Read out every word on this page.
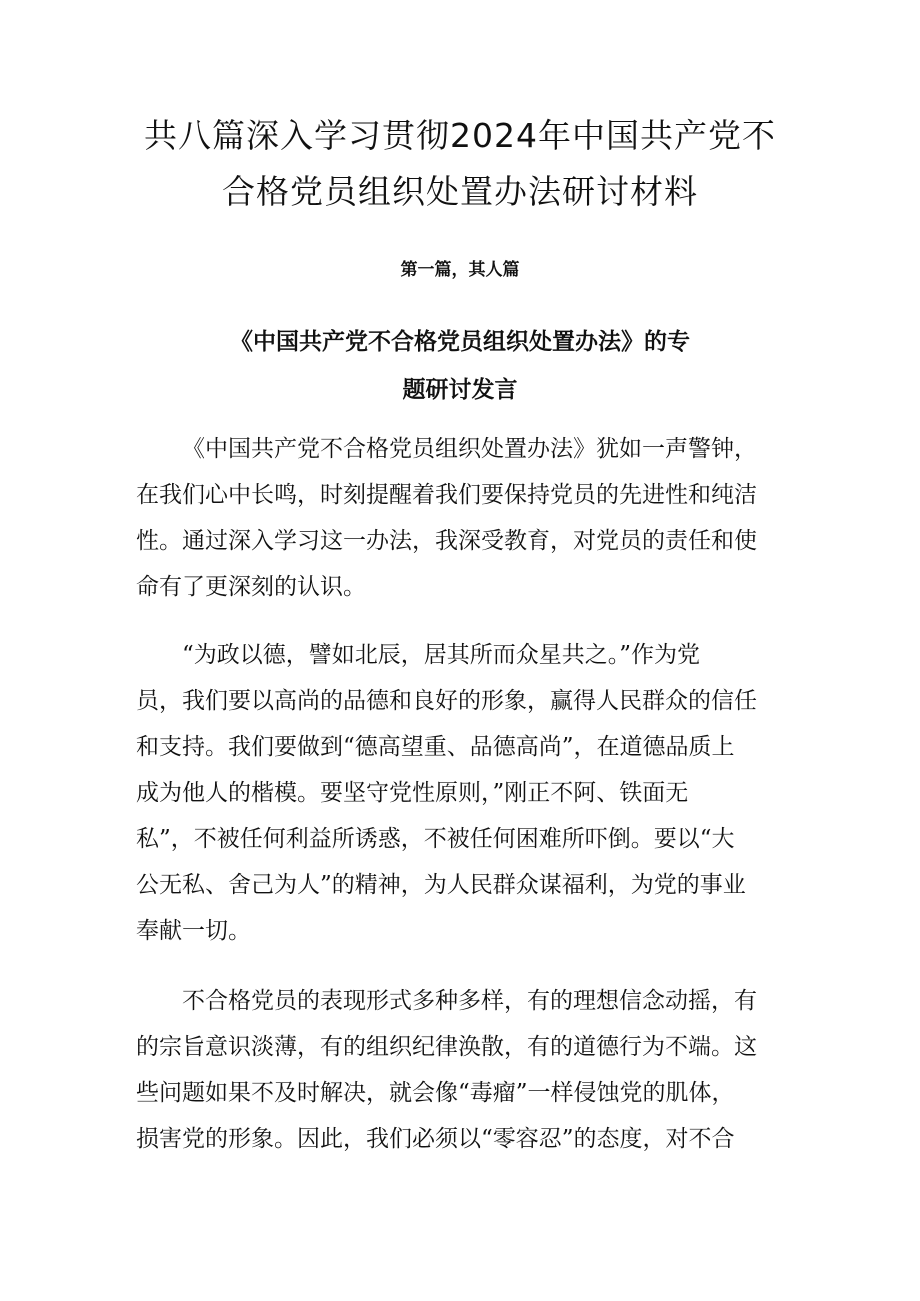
共八篇深入学习贯彻2024年中国共产党不
合格党员组织处置办法研讨材料

第一篇，其人篇

《中国共产党不合格党员组织处置办法》的专
题研讨发言
《中国共产党不合格党员组织处置办法》犹如一声警钟，
在我们心中长鸣，时刻提醒着我们要保持党员的先进性和纯洁
性。通过深入学习这一办法，我深受教育，对党员的责任和使
命有了更深刻的认识。
“为政以德，譬如北辰，居其所而众星共之。”作为党
员，我们要以高尚的品德和良好的形象，赢得人民群众的信任
和支持。我们要做到“德高望重、品德高尚”，在道德品质上
成为他人的楷模。要坚守党性原则，”刚正不阿、铁面无
私”，不被任何利益所诱惑，不被任何困难所吓倒。要以“大
公无私、舍己为人”的精神，为人民群众谋福利，为党的事业
奉献一切。
不合格党员的表现形式多种多样，有的理想信念动摇，有
的宗旨意识淡薄，有的组织纪律涣散，有的道德行为不端。这
些问题如果不及时解决，就会像“毒瘤”一样侵蚀党的肌体，
损害党的形象。因此，我们必须以“零容忍”的态度，对不合
